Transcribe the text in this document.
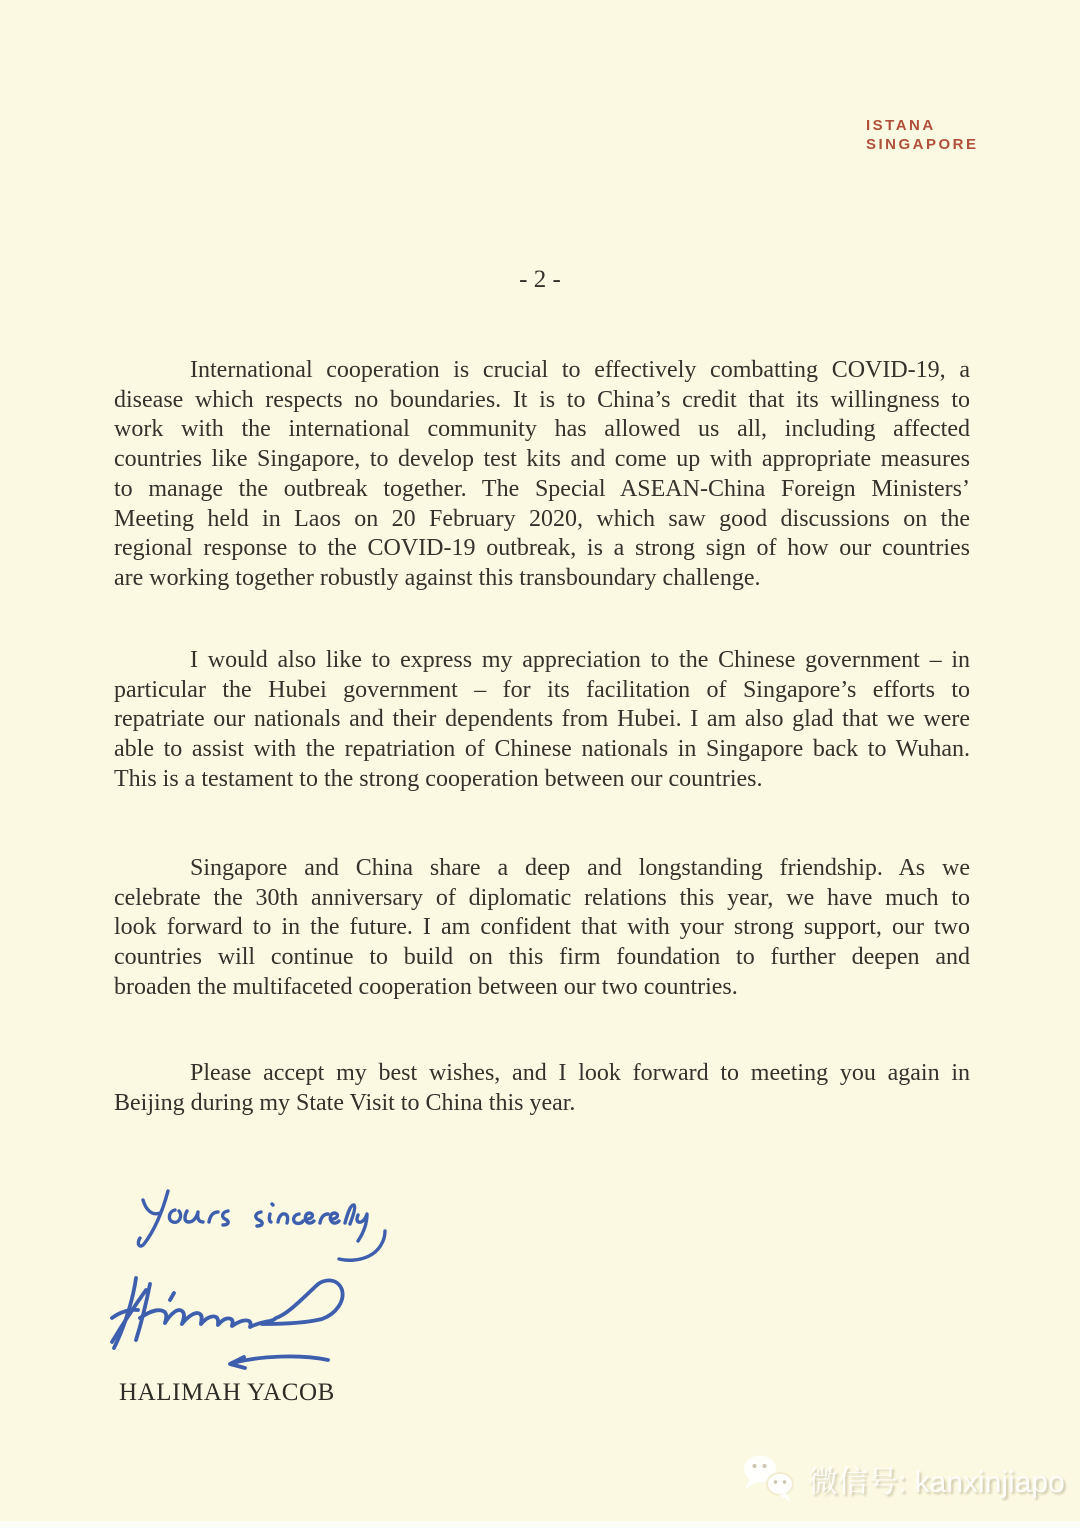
ISTANA
SINGAPORE
- 2 -
International cooperation is crucial to effectively combatting COVID-19, a
disease which respects no boundaries. It is to China’s credit that its willingness to
work with the international community has allowed us all, including affected
countries like Singapore, to develop test kits and come up with appropriate measures
to manage the outbreak together. The Special ASEAN-China Foreign Ministers’
Meeting held in Laos on 20 February 2020, which saw good discussions on the
regional response to the COVID-19 outbreak, is a strong sign of how our countries
are working together robustly against this transboundary challenge.
I would also like to express my appreciation to the Chinese government – in
particular the Hubei government – for its facilitation of Singapore’s efforts to
repatriate our nationals and their dependents from Hubei. I am also glad that we were
able to assist with the repatriation of Chinese nationals in Singapore back to Wuhan.
This is a testament to the strong cooperation between our countries.
Singapore and China share a deep and longstanding friendship. As we
celebrate the 30th anniversary of diplomatic relations this year, we have much to
look forward to in the future. I am confident that with your strong support, our two
countries will continue to build on this firm foundation to further deepen and
broaden the multifaceted cooperation between our two countries.
Please accept my best wishes, and I look forward to meeting you again in
Beijing during my State Visit to China this year.
HALIMAH YACOB
微信号: kanxinjiapo
